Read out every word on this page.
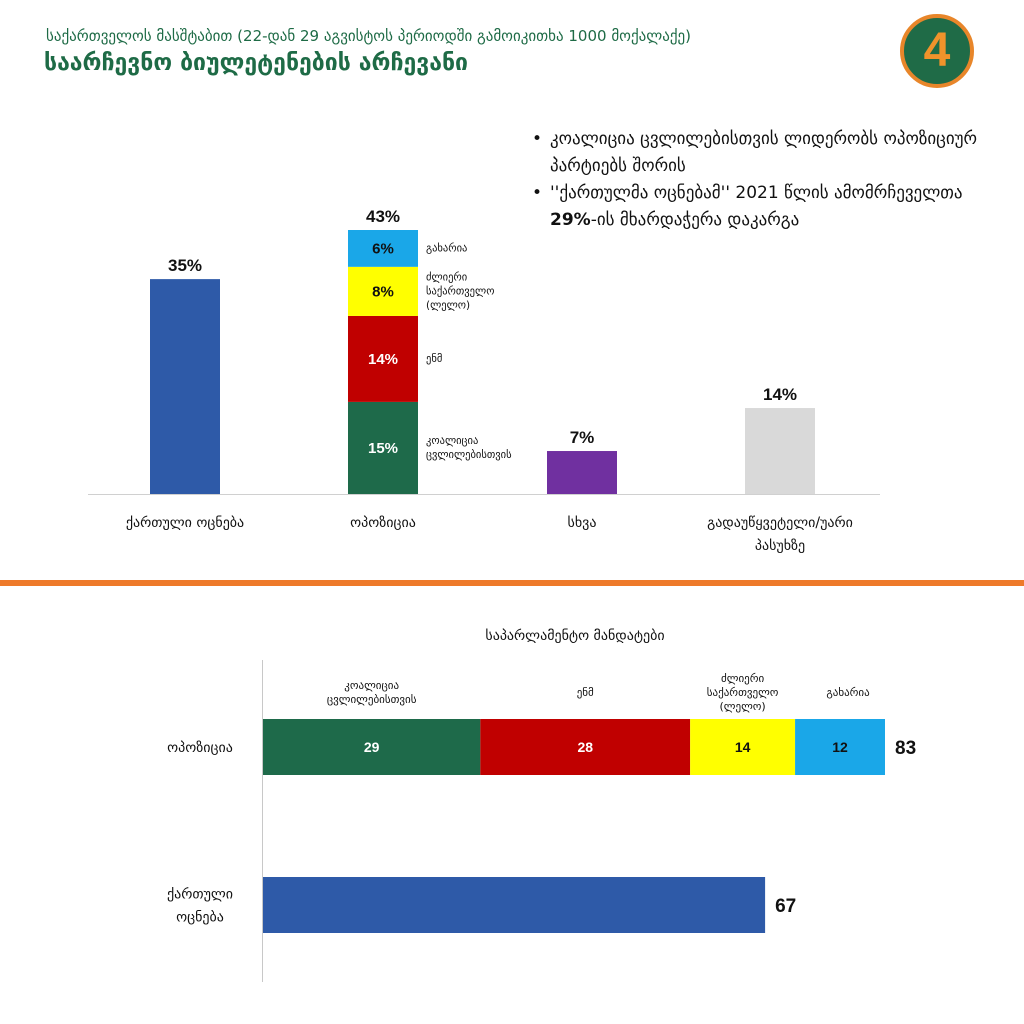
საქართველოს მასშტაბით (22-დან 29 აგვისტოს პერიოდში გამოიკითხა 1000 მოქალაქე)
საარჩევნო ბიულეტენების არჩევანი	4
• კოალიცია ცვლილებისთვის ლიდერობს ოპოზიციურ პარტიებს შორის
• ''ქართულმა ოცნებამ'' 2021 წლის ამომრჩეველთა 29%-ის მხარდაჭერა დაკარგა
35%
ქართული ოცნება
15%	კოალიცია
ცვლილებისთვის
14%	ენმ
8%
ძლიერი
საქართველო
(ლელო)
6%	გახარია
43%
ოპოზიცია
7%
სხვა
14%
გადაუწყვეტელი/უარი
პასუხზე
საპარლამენტო მანდატები
29
კოალიცია
ცვლილებისთვის
28
ენმ
14
ძლიერი
საქართველო
(ლელო)
12
გახარია
83
ოპოზიცია
67
ქართული
ოცნება
